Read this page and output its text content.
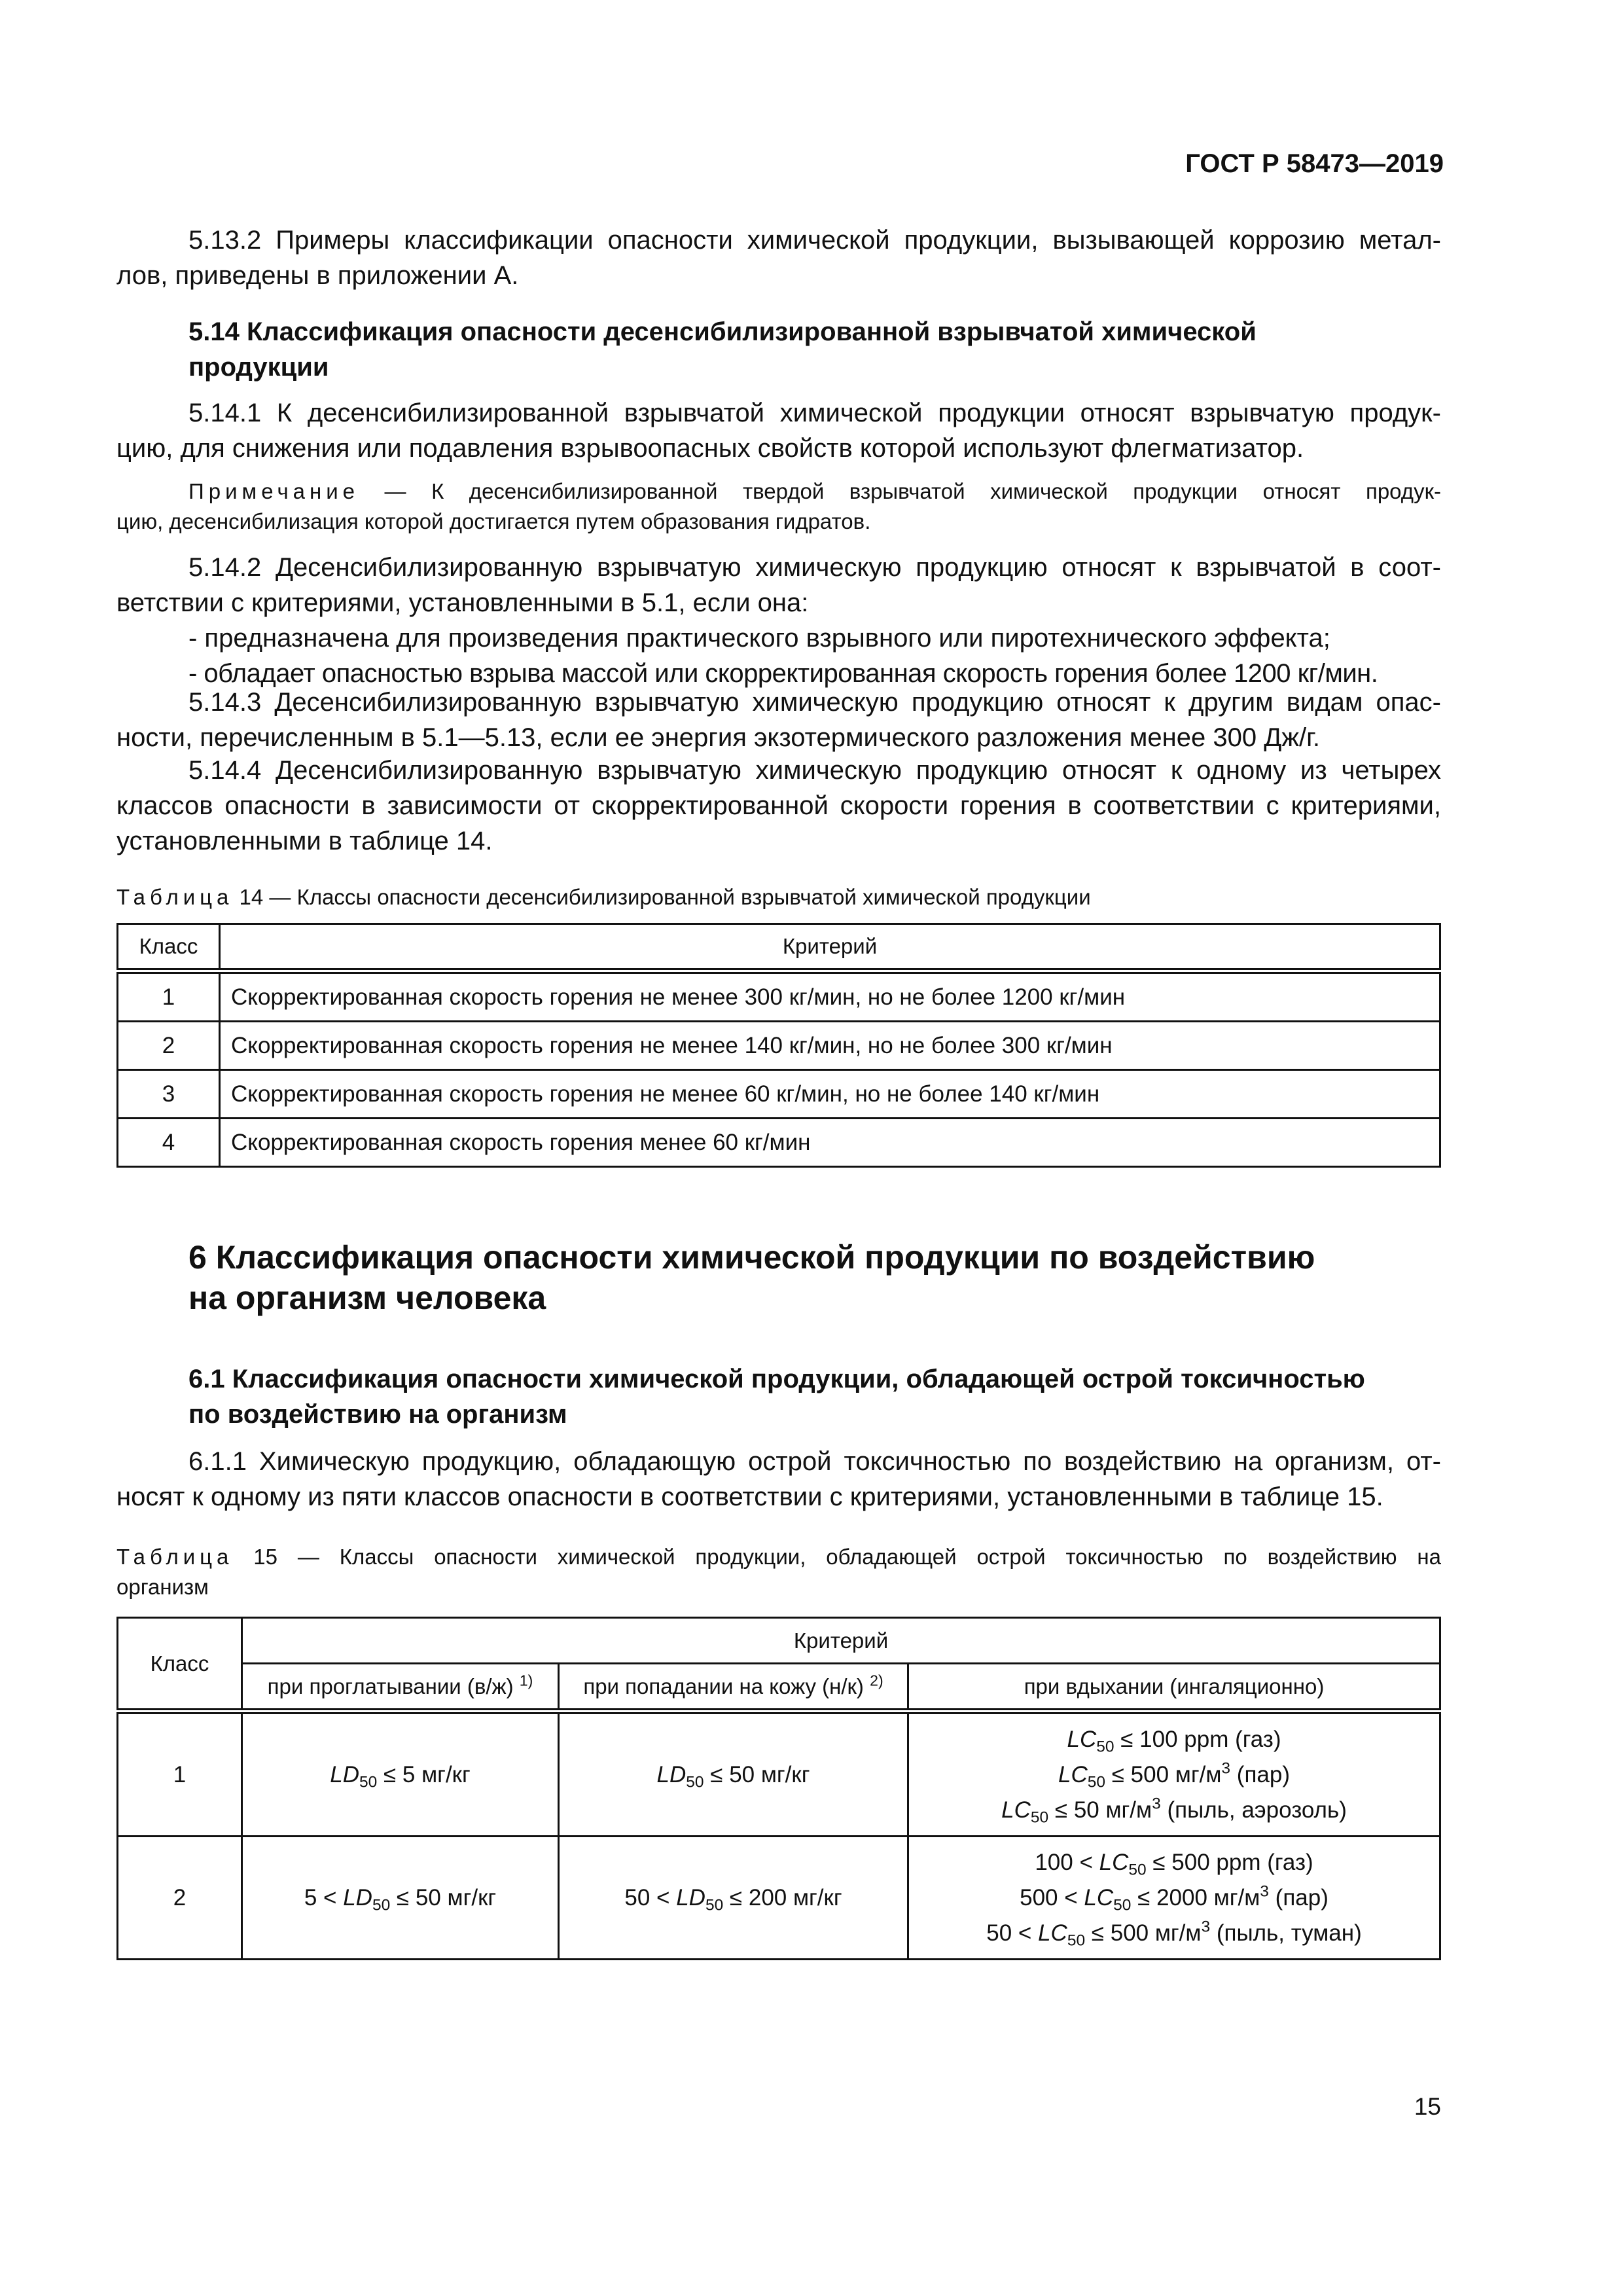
ГОСТ Р 58473—2019
5.13.2 Примеры классификации опасности химической продукции, вызывающей коррозию метал-
лов, приведены в приложении А.
5.14 Классификация опасности десенсибилизированной взрывчатой химической
продукции
5.14.1 К десенсибилизированной взрывчатой химической продукции относят взрывчатую продук-
цию, для снижения или подавления взрывоопасных свойств которой используют флегматизатор.
Примечание — К десенсибилизированной твердой взрывчатой химической продукции относят продук-
цию, десенсибилизация которой достигается путем образования гидратов.
5.14.2 Десенсибилизированную взрывчатую химическую продукцию относят к взрывчатой в соот-
ветствии с критериями, установленными в 5.1, если она:
- предназначена для произведения практического взрывного или пиротехнического эффекта;
- обладает опасностью взрыва массой или скорректированная скорость горения более 1200 кг/мин.
5.14.3 Десенсибилизированную взрывчатую химическую продукцию относят к другим видам опас-
ности, перечисленным в 5.1—5.13, если ее энергия экзотермического разложения менее 300 Дж/г.
5.14.4 Десенсибилизированную взрывчатую химическую продукцию относят к одному из четырех
классов опасности в зависимости от скорректированной скорости горения в соответствии с критериями,
установленными в таблице 14.
Таблица 14 — Классы опасности десенсибилизированной взрывчатой химической продукции
Класс	Критерий
1	Скорректированная скорость горения не менее 300 кг/мин, но не более 1200 кг/мин
2	Скорректированная скорость горения не менее 140 кг/мин, но не более 300 кг/мин
3	Скорректированная скорость горения не менее 60 кг/мин, но не более 140 кг/мин
4	Скорректированная скорость горения менее 60 кг/мин
6 Классификация опасности химической продукции по воздействию
на организм человека
6.1 Классификация опасности химической продукции, обладающей острой токсичностью
по воздействию на организм
6.1.1 Химическую продукцию, обладающую острой токсичностью по воздействию на организм, от-
носят к одному из пяти классов опасности в соответствии с критериями, установленными в таблице 15.
Таблица 15 — Классы опасности химической продукции, обладающей острой токсичностью по воздействию на
организм
Класс	Критерий		
	при проглатывании (в/ж) $^{1)}$	при попадании на кожу (н/к) $^{2)}$	при вдыхании (ингаляционно)
1	$LD_{50} \le 5$ мг/кг	$LD_{50} \le 50$ мг/кг	$LC_{50} \le 100$ ppm (газ)
$LC_{50} \le 500$ $мг/м^3$ (пар)
$LC_{50} \le 50$ $мг/м^3$ (пыль, аэрозоль)

2	$5 < LD_{50} \le 50$ мг/кг	$50 < LD_{50} \le 200$ мг/кг	$100 < LC_{50} \le 500$ ppm (газ)
$500 < LC_{50} \le 2000$ $мг/м^3$ (пар)
$50 < LC_{50} \le 500$ $мг/м^3$ (пыль, туман)
15
